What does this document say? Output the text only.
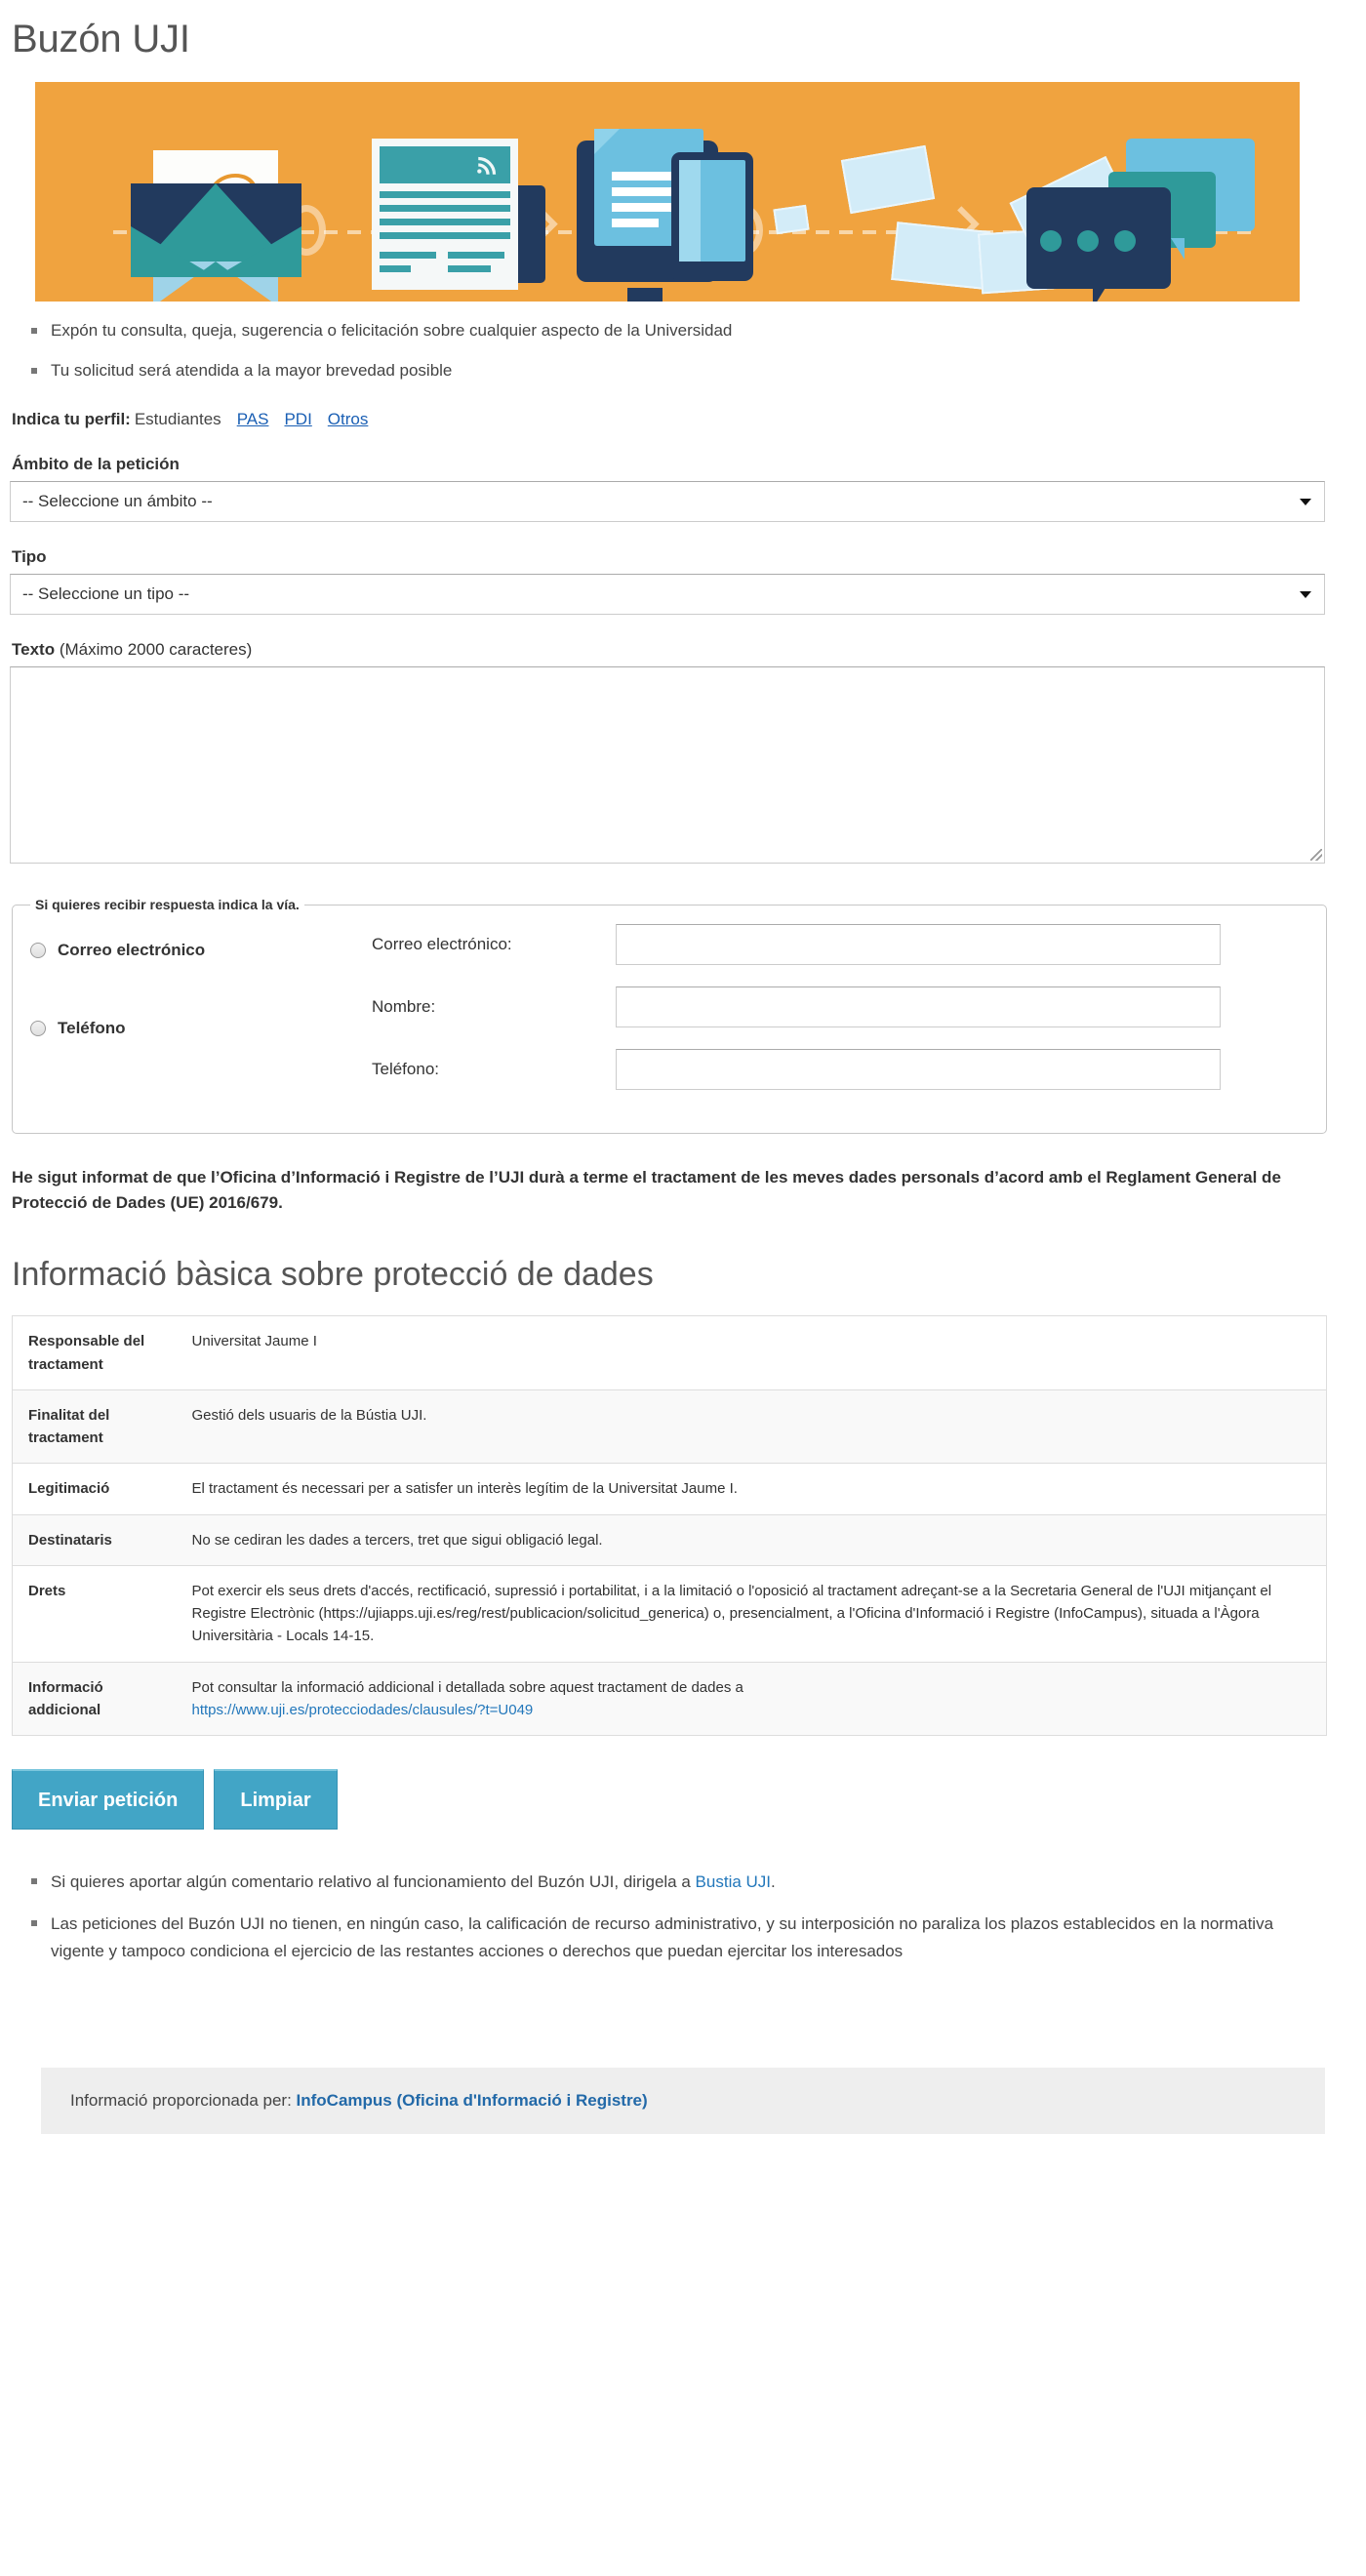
Buzón UJI
Expón tu consulta, queja, sugerencia o felicitación sobre cualquier aspecto de la Universidad
Tu solicitud será atendida a la mayor brevedad posible
Indica tu perfil: Estudiantes PAS PDI Otros
Ámbito de la petición
-- Seleccione un ámbito --
Tipo
-- Seleccione un tipo --
Texto (Máximo 2000 caracteres)
Si quieres recibir respuesta indica la vía.
Correo electrónico
Teléfono
Correo electrónico:
Nombre:
Teléfono:

He sigut informat de que l’Oficina d’Informació i Registre de l’UJI durà a terme el tractament de les meves dades personals d’acord amb el Reglament General de Protecció de Dades (UE) 2016/679.

Informació bàsica sobre protecció de dades
Responsable del tractament	Universitat Jaume I
Finalitat del tractament	Gestió dels usuaris de la Bústia UJI.
Legitimació	El tractament és necessari per a satisfer un interès legítim de la Universitat Jaume I.
Destinataris	No se cediran les dades a tercers, tret que sigui obligació legal.
Drets	Pot exercir els seus drets d'accés, rectificació, supressió i portabilitat, i a la limitació o l'oposició al tractament adreçant-se a la Secretaria General de l'UJI mitjançant el Registre Electrònic (https://ujiapps.uji.es/reg/rest/publicacion/solicitud_generica) o, presencialment, a l'Oficina d'Informació i Registre (InfoCampus), situada a l'Àgora Universitària - Locals 14-15.
Informació addicional	Pot consultar la informació addicional i detallada sobre aquest tractament de dades a
https://www.uji.es/protecciodades/clausules/?t=U049
Enviar petición	Limpiar
Si quieres aportar algún comentario relativo al funcionamiento del Buzón UJI, dirigela a Bustia UJI.
Las peticiones del Buzón UJI no tienen, en ningún caso, la calificación de recurso administrativo, y su interposición no paraliza los plazos establecidos en la normativa vigente y tampoco condiciona el ejercicio de las restantes acciones o derechos que puedan ejercitar los interesados
Informació proporcionada per: InfoCampus (Oficina d'Informació i Registre)
